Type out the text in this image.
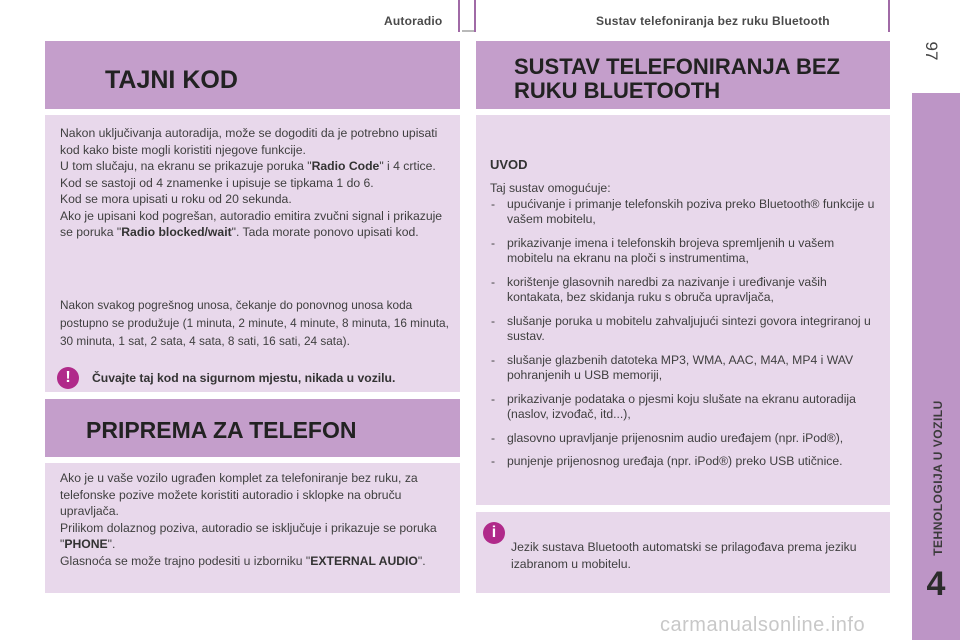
Autoradio	Sustav telefoniranja bez ruku Bluetooth
97
TEHNOLOGIJA U VOZILU
4
TAJNI KOD

Nakon uključivanja autoradija, može se dogoditi da je potrebno upisati kod kako biste mogli koristiti njegove funkcije.

U tom slučaju, na ekranu se prikazuje poruka "Radio Code" i 4 crtice.

Kod se sastoji od 4 znamenke i upisuje se tipkama 1 do 6.

Kod se mora upisati u roku od 20 sekunda.

Ako je upisani kod pogrešan, autoradio emitira zvučni signal i prikazuje se poruka "Radio blocked/wait". Tada morate ponovo upisati kod.

Nakon svakog pogrešnog unosa, čekanje do ponovnog unosa koda postupno se produžuje (1 minuta, 2 minute, 4 minute, 8 minuta, 16 minuta, 30 minuta, 1 sat, 2 sata, 4 sata, 8 sati, 16 sati, 24 sata).
!	Čuvajte taj kod na sigurnom mjestu, nikada u vozilu.
PRIPREMA ZA TELEFON

Ako je u vaše vozilo ugrađen komplet za telefoniranje bez ruku, za telefonske pozive možete koristiti autoradio i sklopke na obruču upravljača.

Prilikom dolaznog poziva, autoradio se isključuje i prikazuje se poruka "PHONE".

Glasnoća se može trajno podesiti u izborniku "EXTERNAL AUDIO".

SUSTAV TELEFONIRANJA BEZ
RUKU BLUETOOTH
UVOD

Taj sustav omogućuje:

- upućivanje i primanje telefonskih poziva preko Bluetooth® funkcije u vašem mobitelu,
- prikazivanje imena i telefonskih brojeva spremljenih u vašem mobitelu na ekranu na ploči s instrumentima,
- korištenje glasovnih naredbi za nazivanje i uređivanje vaših kontakata, bez skidanja ruku s obruča upravljača,
- slušanje poruka u mobitelu zahvaljujući sintezi govora integriranoj u sustav.
- slušanje glazbenih datoteka MP3, WMA, AAC, M4A, MP4 i WAV pohranjenih u USB memoriji,
- prikazivanje podataka o pjesmi koju slušate na ekranu autoradija (naslov, izvođač, itd...),
- glasovno upravljanje prijenosnim audio uređajem (npr. iPod®),
- punjenje prijenosnog uređaja (npr. iPod®) preko USB utičnice.
i
Jezik sustava Bluetooth automatski se prilagođava prema jeziku izabranom u mobitelu.
carmanualsonline.info
